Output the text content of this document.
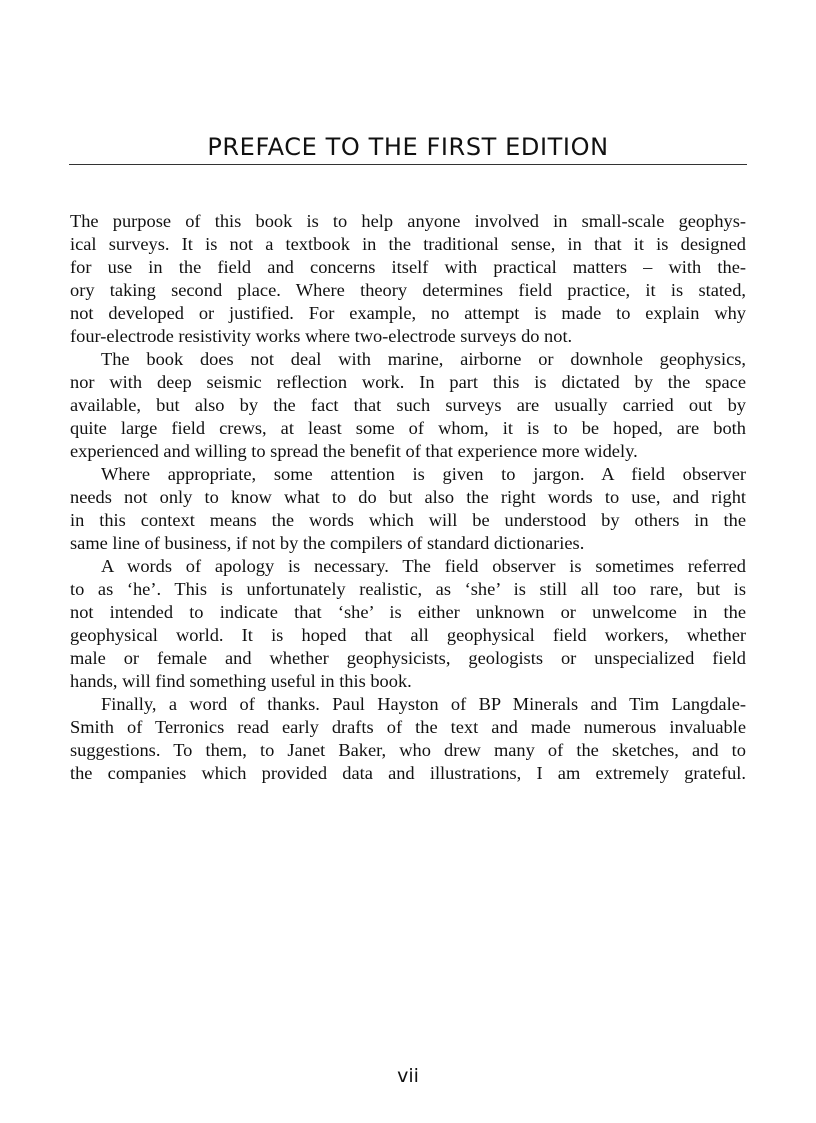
PREFACE TO THE FIRST EDITION
The purpose of this book is to help anyone involved in small-scale geophys-
ical surveys. It is not a textbook in the traditional sense, in that it is designed
for use in the field and concerns itself with practical matters – with the-
ory taking second place. Where theory determines field practice, it is stated,
not developed or justified. For example, no attempt is made to explain why
four-electrode resistivity works where two-electrode surveys do not.
The book does not deal with marine, airborne or downhole geophysics,
nor with deep seismic reflection work. In part this is dictated by the space
available, but also by the fact that such surveys are usually carried out by
quite large field crews, at least some of whom, it is to be hoped, are both
experienced and willing to spread the benefit of that experience more widely.
Where appropriate, some attention is given to jargon. A field observer
needs not only to know what to do but also the right words to use, and right
in this context means the words which will be understood by others in the
same line of business, if not by the compilers of standard dictionaries.
A words of apology is necessary. The field observer is sometimes referred
to as ‘he’. This is unfortunately realistic, as ‘she’ is still all too rare, but is
not intended to indicate that ‘she’ is either unknown or unwelcome in the
geophysical world. It is hoped that all geophysical field workers, whether
male or female and whether geophysicists, geologists or unspecialized field
hands, will find something useful in this book.
Finally, a word of thanks. Paul Hayston of BP Minerals and Tim Langdale-
Smith of Terronics read early drafts of the text and made numerous invaluable
suggestions. To them, to Janet Baker, who drew many of the sketches, and to
the companies which provided data and illustrations, I am extremely grateful.
vii
